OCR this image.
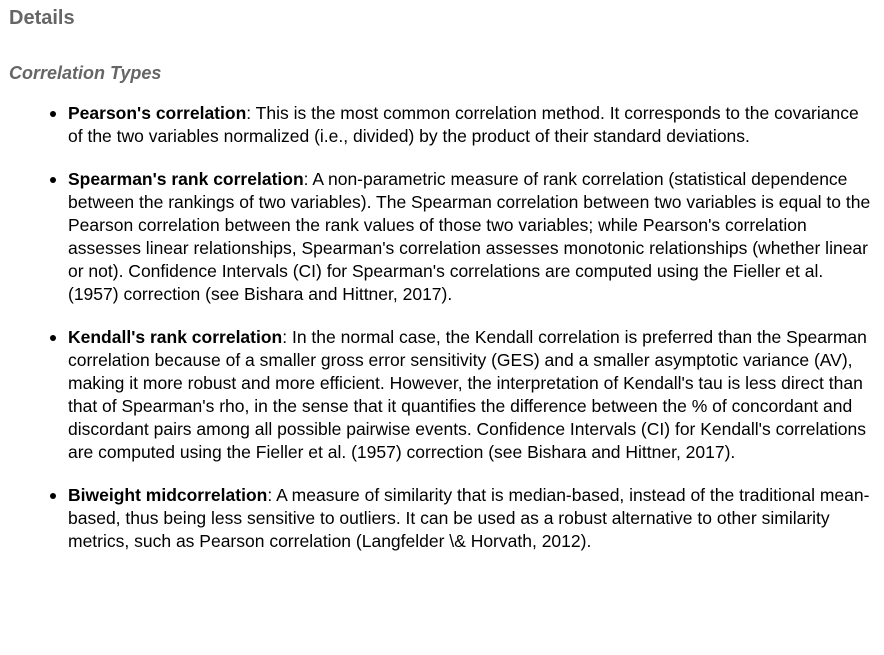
Details
Correlation Types
Pearson's correlation: This is the most common correlation method. It corresponds to the covariance of the two variables normalized (i.e., divided) by the product of their standard deviations.
Spearman's rank correlation: A non-parametric measure of rank correlation (statistical dependence between the rankings of two variables). The Spearman correlation between two variables is equal to the Pearson correlation between the rank values of those two variables; while Pearson's correlation assesses linear relationships, Spearman's correlation assesses monotonic relationships (whether linear or not). Confidence Intervals (CI) for Spearman's correlations are computed using the Fieller et al. (1957) correction (see Bishara and Hittner, 2017).
Kendall's rank correlation: In the normal case, the Kendall correlation is preferred than the Spearman correlation because of a smaller gross error sensitivity (GES) and a smaller asymptotic variance (AV), making it more robust and more efficient. However, the interpretation of Kendall's tau is less direct than that of Spearman's rho, in the sense that it quantifies the difference between the % of concordant and discordant pairs among all possible pairwise events. Confidence Intervals (CI) for Kendall's correlations are computed using the Fieller et al. (1957) correction (see Bishara and Hittner, 2017).
Biweight midcorrelation: A measure of similarity that is median-based, instead of the traditional mean-based, thus being less sensitive to outliers. It can be used as a robust alternative to other similarity metrics, such as Pearson correlation (Langfelder \& Horvath, 2012).
